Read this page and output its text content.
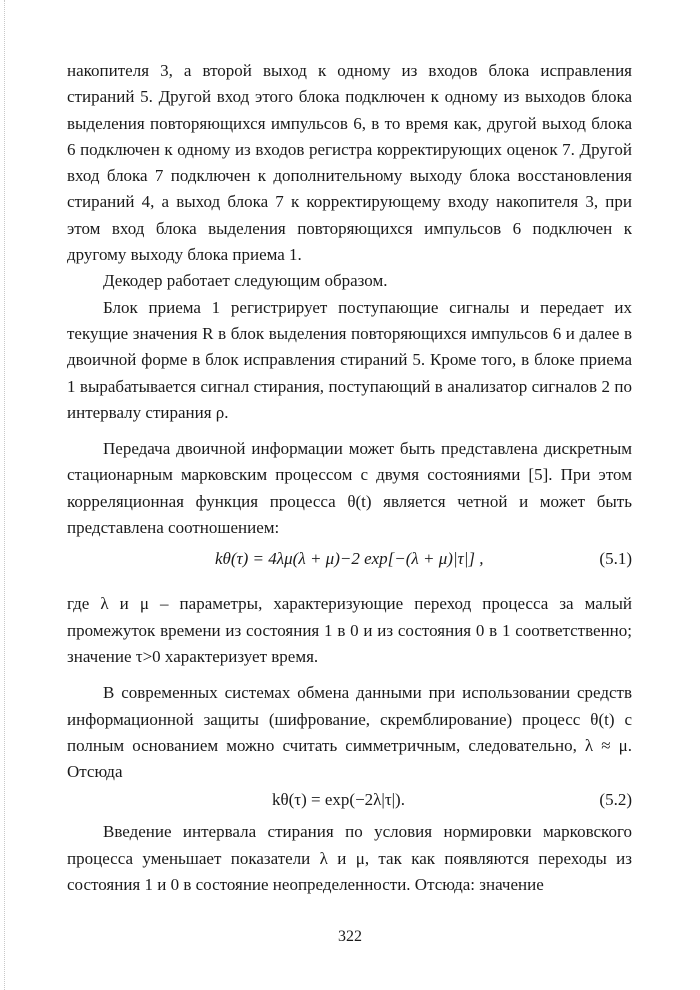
накопителя 3, а второй выход к одному из входов блока исправления стираний 5. Другой вход этого блока подключен к одному из выходов блока выделения повторяющихся импульсов 6, в то время как, другой выход блока 6 подключен к одному из входов регистра корректирующих оценок 7. Другой вход блока 7 подключен к дополнительному выходу блока восстановления стираний 4, а выход блока 7 к корректирующему входу накопителя 3, при этом вход блока выделения повторяющихся импульсов 6 подключен к другому выходу блока приема 1.

Декодер работает следующим образом.

Блок приема 1 регистрирует поступающие сигналы и передает их текущие значения R в блок выделения повторяющихся импульсов 6 и далее в двоичной форме в блок исправления стираний 5. Кроме того, в блоке приема 1 вырабатывается сигнал стирания, поступающий в анализатор сигналов 2 по интервалу стирания ρ.

Передача двоичной информации может быть представлена дискретным стационарным марковским процессом с двумя состояниями [5]. При этом корреляционная функция процесса θ(t) является четной и может быть представлена соотношением:

kθ(τ) = 4λμ(λ + μ)−2 exp[−(λ + μ)|τ|] ,	(5.1)

где λ и μ – параметры, характеризующие переход процесса за малый промежуток времени из состояния 1 в 0 и из состояния 0 в 1 соответственно; значение τ>0 характеризует время.

В современных системах обмена данными при использовании средств информационной защиты (шифрование, скремблирование) процесс θ(t) с полным основанием можно считать симметричным, следовательно, λ ≈ μ. Отсюда

kθ(τ) = exp(−2λ|τ|).	(5.2)

Введение интервала стирания по условия нормировки марковского процесса уменьшает показатели λ и μ, так как появляются переходы из состояния 1 и 0 в состояние неопределенности. Отсюда: значение

322
